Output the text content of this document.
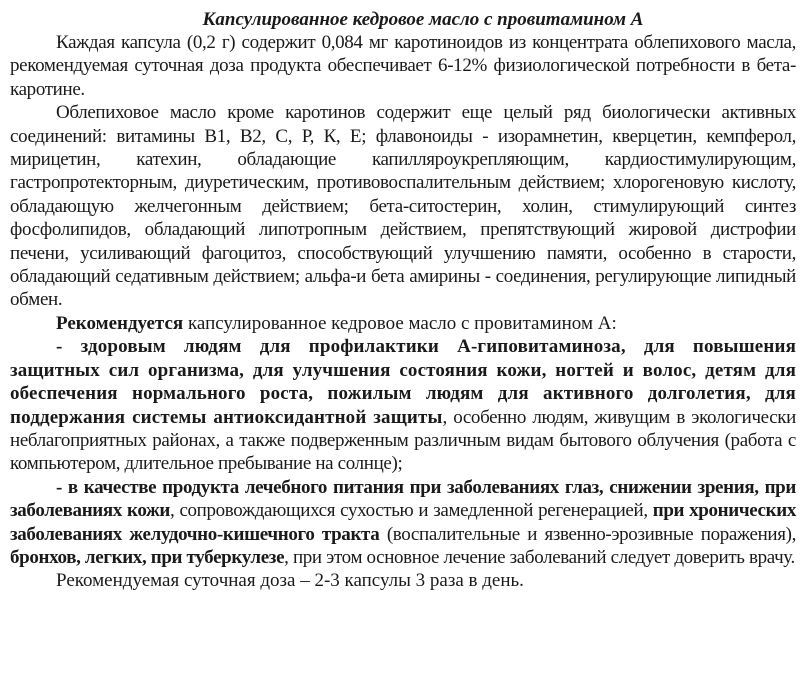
Капсулированное кедровое масло с провитамином А

Каждая капсула (0,2 г) содержит 0,084 мг каротиноидов из концентрата облепихового масла, рекомендуемая суточная доза продукта обеспечивает 6-12% физиологической потребности в бета-каротине.

Облепиховое масло кроме каротинов содержит еще целый ряд биологически активных соединений: витамины В1, В2, С, Р, К, Е; флавоноиды - изорамнетин, кверцетин, кемпферол, мирицетин, катехин, обладающие капилляроукрепляющим, кардиостимулирующим, гастропротекторным, диуретическим, противовоспалительным действием; хлорогеновую кислоту, обладающую желчегонным действием; бета-ситостерин, холин, стимулирующий синтез фосфолипидов, обладающий липотропным действием, препятствующий жировой дистрофии печени, усиливающий фагоцитоз, способствующий улучшению памяти, особенно в старости, обладающий седативным действием; альфа-и бета амирины - соединения, регулирующие липидный обмен.

Рекомендуется капсулированное кедровое масло с провитамином А:

- здоровым людям для профилактики А-гиповитаминоза, для повышения защитных сил организма, для улучшения состояния кожи, ногтей и волос, детям для обеспечения нормального роста, пожилым людям для активного долголетия, для поддержания системы антиоксидантной защиты, особенно людям, живущим в экологически неблагоприятных районах, а также подверженным различным видам бытового облучения (работа с компьютером, длительное пребывание на солнце);

- в качестве продукта лечебного питания при заболеваниях глаз, снижении зрения, при заболеваниях кожи, сопровождающихся сухостью и замедленной регенерацией, при хронических заболеваниях желудочно-кишечного тракта (воспалительные и язвенно-эрозивные поражения), бронхов, легких, при туберкулезе, при этом основное лечение заболеваний следует доверить врачу.

Рекомендуемая суточная доза – 2-3 капсулы 3 раза в день.
